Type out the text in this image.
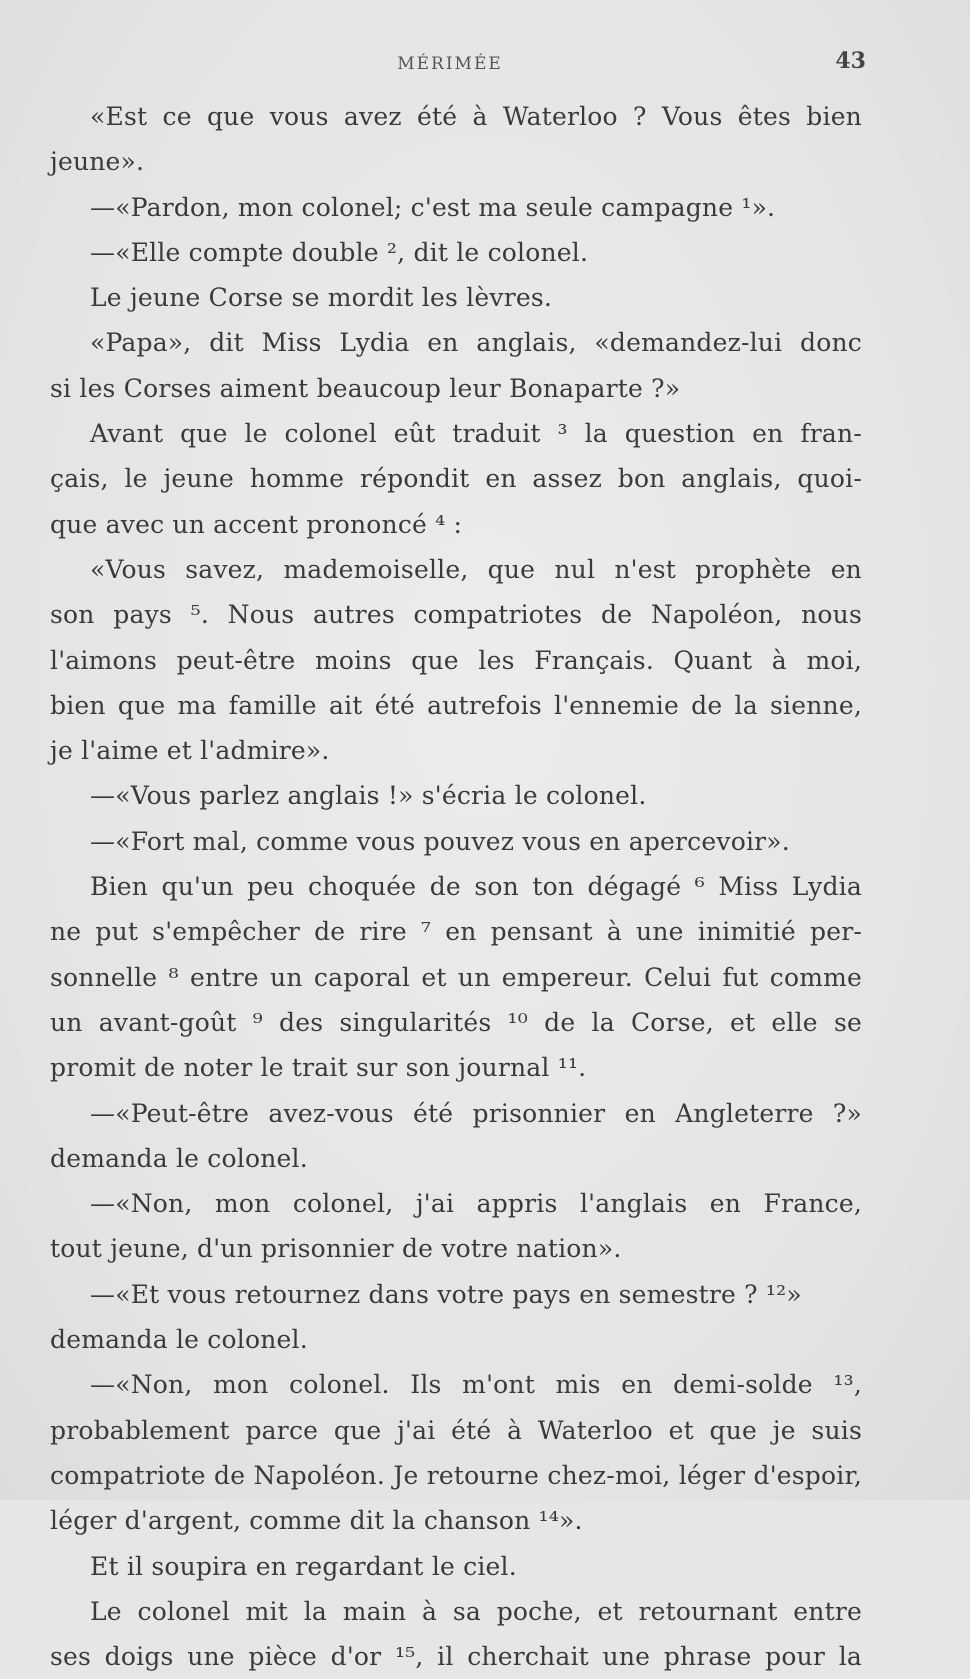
MÉRIMÉE	43
«Est ce que vous avez été à Waterloo ? Vous êtes bien
jeune».
—«Pardon, mon colonel; c'est ma seule campagne ¹».
—«Elle compte double ², dit le colonel.
Le jeune Corse se mordit les lèvres.
«Papa», dit Miss Lydia en anglais, «demandez-lui donc
si les Corses aiment beaucoup leur Bonaparte ?»
Avant que le colonel eût traduit ³ la question en fran-
çais, le jeune homme répondit en assez bon anglais, quoi-
que avec un accent prononcé ⁴ :
«Vous savez, mademoiselle, que nul n'est prophète en
son pays ⁵. Nous autres compatriotes de Napoléon, nous
l'aimons peut-être moins que les Français. Quant à moi,
bien que ma famille ait été autrefois l'ennemie de la sienne,
je l'aime et l'admire».
—«Vous parlez anglais !» s'écria le colonel.
—«Fort mal, comme vous pouvez vous en apercevoir».
Bien qu'un peu choquée de son ton dégagé ⁶ Miss Lydia
ne put s'empêcher de rire ⁷ en pensant à une inimitié per-
sonnelle ⁸ entre un caporal et un empereur. Celui fut comme
un avant-goût ⁹ des singularités ¹⁰ de la Corse, et elle se
promit de noter le trait sur son journal ¹¹.
—«Peut-être avez-vous été prisonnier en Angleterre ?»
demanda le colonel.
—«Non, mon colonel, j'ai appris l'anglais en France,
tout jeune, d'un prisonnier de votre nation».
—«Et vous retournez dans votre pays en semestre ? ¹²»
demanda le colonel.
—«Non, mon colonel. Ils m'ont mis en demi-solde ¹³,
probablement parce que j'ai été à Waterloo et que je suis
compatriote de Napoléon. Je retourne chez-moi, léger d'espoir,
léger d'argent, comme dit la chanson ¹⁴».
Et il soupira en regardant le ciel.
Le colonel mit la main à sa poche, et retournant entre
ses doigs une pièce d'or ¹⁵, il cherchait une phrase pour la
